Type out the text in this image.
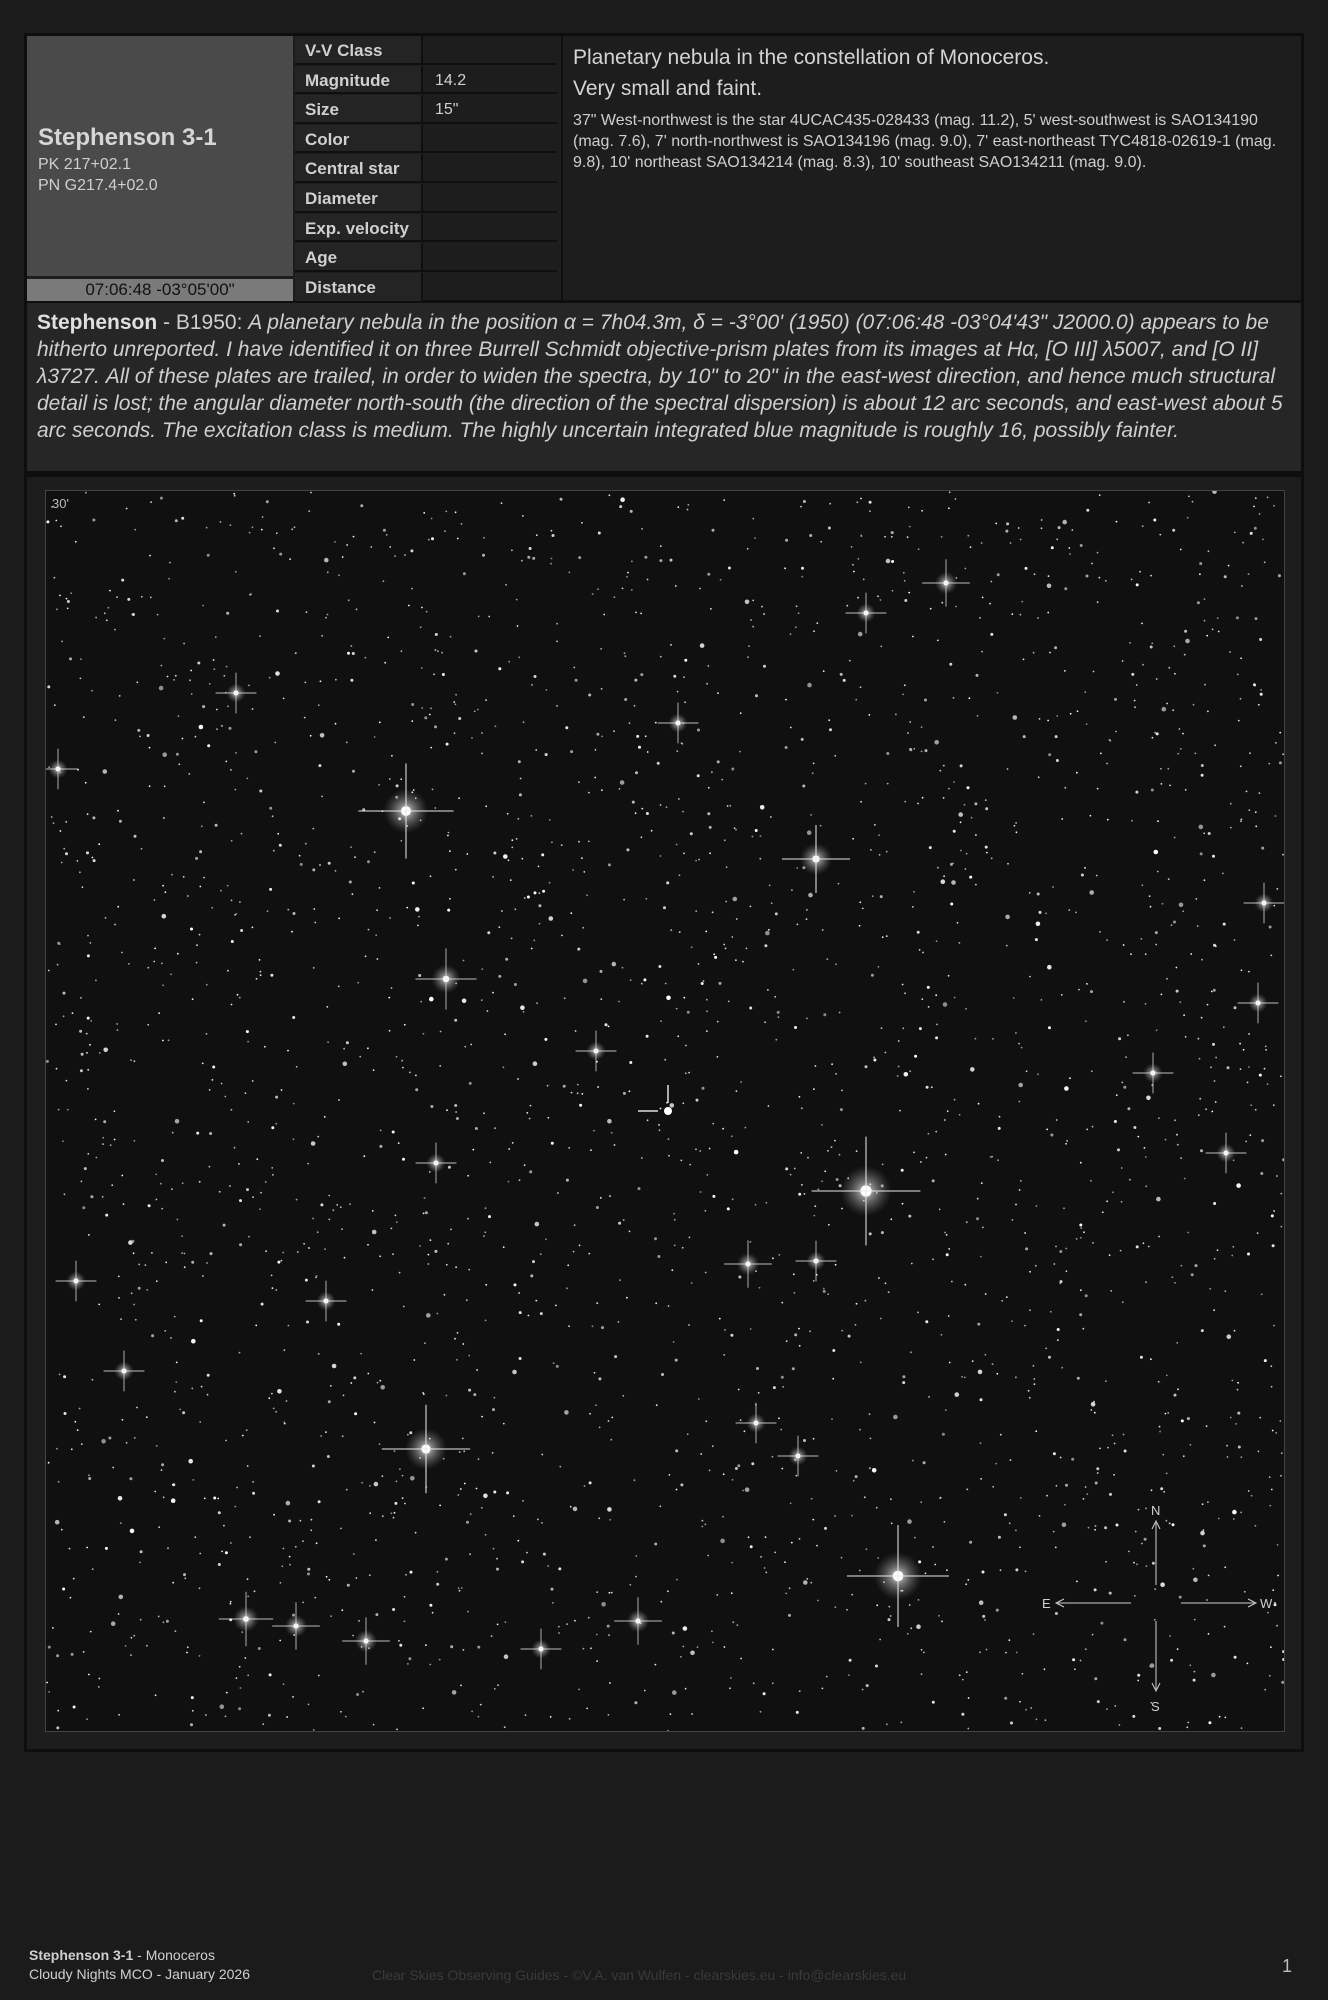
Stephenson 3-1
PK 217+02.1
PN G217.4+02.0
07:06:48 -03°05'00"
V-V Class
Magnitude	14.2
Size	15"
Color
Central star
Diameter
Exp. velocity
Age
Distance
Planetary nebula in the constellation of Monoceros.
Very small and faint.
37" West-northwest is the star 4UCAC435-028433 (mag. 11.2), 5' west-southwest is SAO134190 (mag. 7.6), 7' north-northwest is SAO134196 (mag. 9.0), 7' east-northeast TYC4818-02619-1 (mag. 9.8), 10' northeast SAO134214 (mag. 8.3), 10' southeast SAO134211 (mag. 9.0).
Stephenson - B1950: A planetary nebula in the position α = 7h04.3m, δ = -3°00' (1950) (07:06:48 -03°04'43" J2000.0) appears to be hitherto unreported. I have identified it on three Burrell Schmidt objective-prism plates from its images at Hα, [O III] λ5007, and [O II] λ3727. All of these plates are trailed, in order to widen the spectra, by 10" to 20" in the east-west direction, and hence much structural detail is lost; the angular diameter north-south (the direction of the spectral dispersion) is about 12 arc seconds, and east-west about 5 arc seconds. The excitation class is medium. The highly uncertain integrated blue magnitude is roughly 16, possibly fainter.
30'
N
S
E	W
Stephenson 3-1 - Monoceros
Cloudy Nights MCO - January 2026	Clear Skies Observing Guides - ©V.A. van Wulfen - clearskies.eu - info@clearskies.eu	1
